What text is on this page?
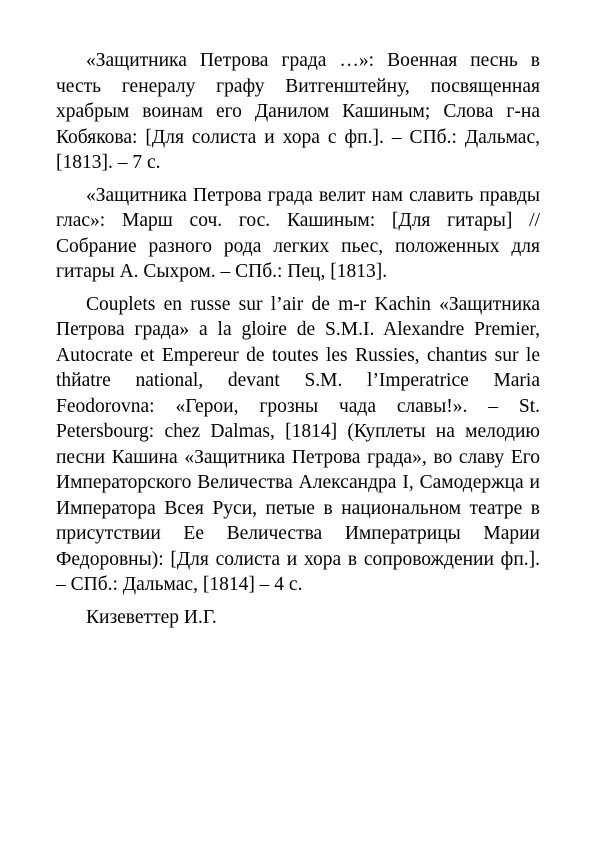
«Защитника Петрова града …»: Военная песнь в честь генералу графу Витгенштейну, посвященная храбрым воинам его Данилом Кашиным; Слова г-на Кобякова: [Для солиста и хора с фп.]. – СПб.: Дальмас, [1813]. – 7 с.

«Защитника Петрова града велит нам славить правды глас»: Марш соч. гос. Кашиным: [Для гитары] // Собрание разного рода легких пьес, положенных для гитары А. Сыхром. – СПб.: Пец, [1813].

Couplets en russe sur l’air de m-r Kachin «Защитника Петрова града» a la gloire de S.M.I. Alexandre Premier, Autocrate et Empereur de toutes les Russies, chantиs sur le thйatre national, devant S.M. l’Imperatrice Maria Feodorovna: «Герои, грозны чада славы!». – St. Petersbourg: chez Dalmas, [1814] (Куплеты на мелодию песни Кашина «Защитника Петрова града», во славу Его Императорского Величества Александра I, Самодержца и Императора Всея Руси, петые в национальном театре в присутствии Ее Величества Императрицы Марии Федоровны): [Для солиста и хора в сопровождении фп.]. – СПб.: Дальмас, [1814] – 4 с.

Кизеветтер И.Г.
